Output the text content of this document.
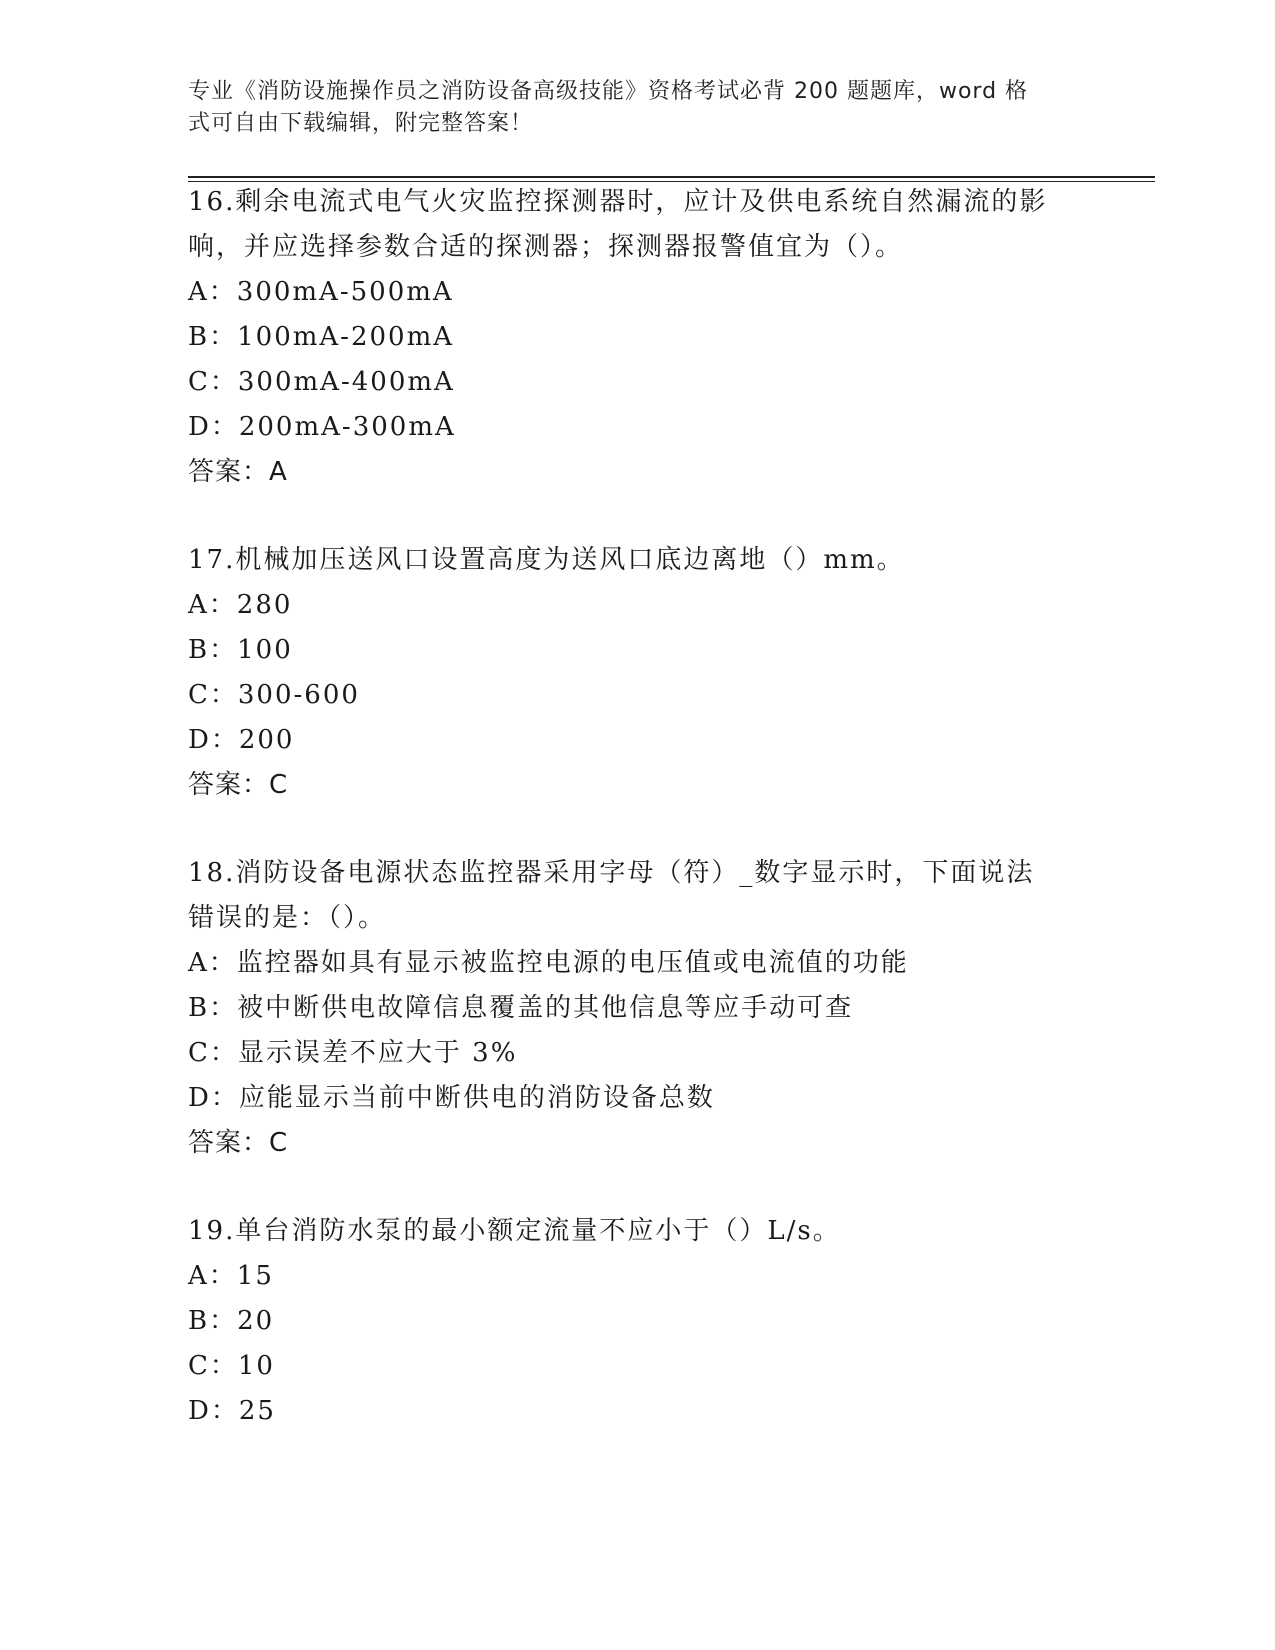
专业《消防设施操作员之消防设备高级技能》资格考试必背 200 题题库，word 格
式可自由下载编辑，附完整答案！
16.剩余电流式电气火灾监控探测器时，应计及供电系统自然漏流的影
响，并应选择参数合适的探测器；探测器报警值宜为（）。
A：300mA-500mA
B：100mA-200mA
C：300mA-400mA
D：200mA-300mA
答案：A
17.机械加压送风口设置高度为送风口底边离地（）mm。
A：280
B：100
C：300-600
D：200
答案：C
18.消防设备电源状态监控器采用字母（符）_数字显示时，下面说法
错误的是：（）。
A：监控器如具有显示被监控电源的电压值或电流值的功能
B：被中断供电故障信息覆盖的其他信息等应手动可查
C：显示误差不应大于 3%
D：应能显示当前中断供电的消防设备总数
答案：C
19.单台消防水泵的最小额定流量不应小于（）L/s。
A：15
B：20
C：10
D：25
